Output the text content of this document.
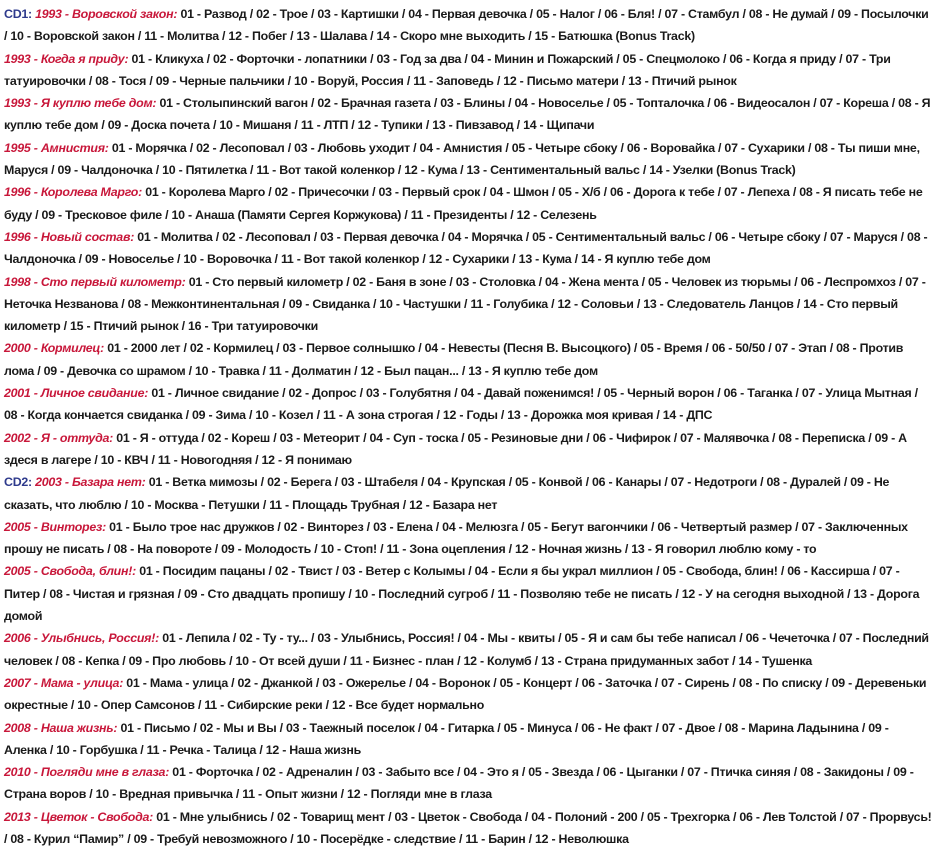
CD1: 1993 - Воровской закон: 01 - Развод / 02 - Трое / 03 - Картишки / 04 - Первая девочка / 05 - Налог / 06 - Бля! / 07 - Стамбул / 08 - Не думай / 09 - Посылочки / 10 - Воровской закон / 11 - Молитва / 12 - Побег / 13 - Шалава / 14 - Скоро мне выходить / 15 - Батюшка (Bonus Track)

1993 - Когда я приду: 01 - Кликуха / 02 - Форточки - лопатники / 03 - Год за два / 04 - Минин и Пожарский / 05 - Спецмолоко / 06 - Когда я приду / 07 - Три татуировочки / 08 - Тося / 09 - Черные пальчики / 10 - Воруй, Россия / 11 - Заповедь / 12 - Письмо матери / 13 - Птичий рынок

1993 - Я куплю тебе дом: 01 - Столыпинский вагон / 02 - Брачная газета / 03 - Блины / 04 - Новоселье / 05 - Топталочка / 06 - Видеосалон / 07 - Кореша / 08 - Я куплю тебе дом / 09 - Доска почета / 10 - Мишаня / 11 - ЛТП / 12 - Тупики / 13 - Пивзавод / 14 - Щипачи

1995 - Амнистия: 01 - Морячка / 02 - Лесоповал / 03 - Любовь уходит / 04 - Амнистия / 05 - Четыре сбоку / 06 - Воровайка / 07 - Сухарики / 08 - Ты пиши мне, Маруся / 09 - Чалдоночка / 10 - Пятилетка / 11 - Вот такой коленкор / 12 - Кума / 13 - Сентиментальный вальс / 14 - Узелки (Bonus Track)

1996 - Королева Марго: 01 - Королева Марго / 02 - Причесочки / 03 - Первый срок / 04 - Шмон / 05 - Х/б / 06 - Дорога к тебе / 07 - Лепеха / 08 - Я писать тебе не буду / 09 - Тресковое филе / 10 - Анаша (Памяти Сергея Коржукова) / 11 - Президенты / 12 - Селезень

1996 - Новый состав: 01 - Молитва / 02 - Лесоповал / 03 - Первая девочка / 04 - Морячка / 05 - Сентиментальный вальс / 06 - Четыре сбоку / 07 - Маруся / 08 - Чалдоночка / 09 - Новоселье / 10 - Воровочка / 11 - Вот такой коленкор / 12 - Сухарики / 13 - Кума / 14 - Я куплю тебе дом

1998 - Сто первый километр: 01 - Сто первый километр / 02 - Баня в зоне / 03 - Столовка / 04 - Жена мента / 05 - Человек из тюрьмы / 06 - Леспромхоз / 07 - Неточка Незванова / 08 - Межконтинентальная / 09 - Свиданка / 10 - Частушки / 11 - Голубика / 12 - Соловьи / 13 - Следователь Ланцов / 14 - Сто первый километр / 15 - Птичий рынок / 16 - Три татуировочки

2000 - Кормилец: 01 - 2000 лет / 02 - Кормилец / 03 - Первое солнышко / 04 - Невесты (Песня В. Высоцкого) / 05 - Время / 06 - 50/50 / 07 - Этап / 08 - Против лома / 09 - Девочка со шрамом / 10 - Травка / 11 - Долматин / 12 - Был пацан... / 13 - Я куплю тебе дом

2001 - Личное свидание: 01 - Личное свидание / 02 - Допрос / 03 - Голубятня / 04 - Давай поженимся! / 05 - Черный ворон / 06 - Таганка / 07 - Улица Мытная / 08 - Когда кончается свиданка / 09 - Зима / 10 - Козел / 11 - А зона строгая / 12 - Годы / 13 - Дорожка моя кривая / 14 - ДПС

2002 - Я - оттуда: 01 - Я - оттуда / 02 - Кореш / 03 - Метеорит / 04 - Суп - тоска / 05 - Резиновые дни / 06 - Чифирок / 07 - Малявочка / 08 - Переписка / 09 - А здеся в лагере / 10 - КВЧ / 11 - Новогодняя / 12 - Я понимаю

CD2: 2003 - Базара нет: 01 - Ветка мимозы / 02 - Берега / 03 - Штабеля / 04 - Крупская / 05 - Конвой / 06 - Канары / 07 - Недотроги / 08 - Дуралей / 09 - Не сказать, что люблю / 10 - Москва - Петушки / 11 - Площадь Трубная / 12 - Базара нет

2005 - Винторез: 01 - Было трое нас дружков / 02 - Винторез / 03 - Елена / 04 - Мелюзга / 05 - Бегут вагончики / 06 - Четвертый размер / 07 - Заключенных прошу не писать / 08 - На повороте / 09 - Молодость / 10 - Стоп! / 11 - Зона оцепления / 12 - Ночная жизнь / 13 - Я говорил люблю кому - то

2005 - Свобода, блин!: 01 - Посидим пацаны / 02 - Твист / 03 - Ветер с Колымы / 04 - Если я бы украл миллион / 05 - Свобода, блин! / 06 - Кассирша / 07 - Питер / 08 - Чистая и грязная / 09 - Сто двадцать пропишу / 10 - Последний сугроб / 11 - Позволяю тебе не писать / 12 - У на сегодня выходной / 13 - Дорога домой

2006 - Улыбнись, Россия!: 01 - Лепила / 02 - Ту - ту... / 03 - Улыбнись, Россия! / 04 - Мы - квиты / 05 - Я и сам бы тебе написал / 06 - Чечеточка / 07 - Последний человек / 08 - Кепка / 09 - Про любовь / 10 - От всей души / 11 - Бизнес - план / 12 - Колумб / 13 - Страна придуманных забот / 14 - Тушенка

2007 - Мама - улица: 01 - Мама - улица / 02 - Джанкой / 03 - Ожерелье / 04 - Воронок / 05 - Концерт / 06 - Заточка / 07 - Сирень / 08 - По списку / 09 - Деревеньки окрестные / 10 - Опер Самсонов / 11 - Сибирские реки / 12 - Все будет нормально

2008 - Наша жизнь: 01 - Письмо / 02 - Мы и Вы / 03 - Таежный поселок / 04 - Гитарка / 05 - Минуса / 06 - Не факт / 07 - Двое / 08 - Марина Ладынина / 09 - Аленка / 10 - Горбушка / 11 - Речка - Талица / 12 - Наша жизнь

2010 - Погляди мне в глаза: 01 - Форточка / 02 - Адреналин / 03 - Забыто все / 04 - Это я / 05 - Звезда / 06 - Цыганки / 07 - Птичка синяя / 08 - Закидоны / 09 - Страна воров / 10 - Вредная привычка / 11 - Опыт жизни / 12 - Погляди мне в глаза

2013 - Цветок - Свобода: 01 - Мне улыбнись / 02 - Товарищ мент / 03 - Цветок - Свобода / 04 - Полоний - 200 / 05 - Трехгорка / 06 - Лев Толстой / 07 - Прорвусь! / 08 - Курил “Памир” / 09 - Требуй невозможного / 10 - Посерёдке - следствие / 11 - Барин / 12 - Неволюшка
